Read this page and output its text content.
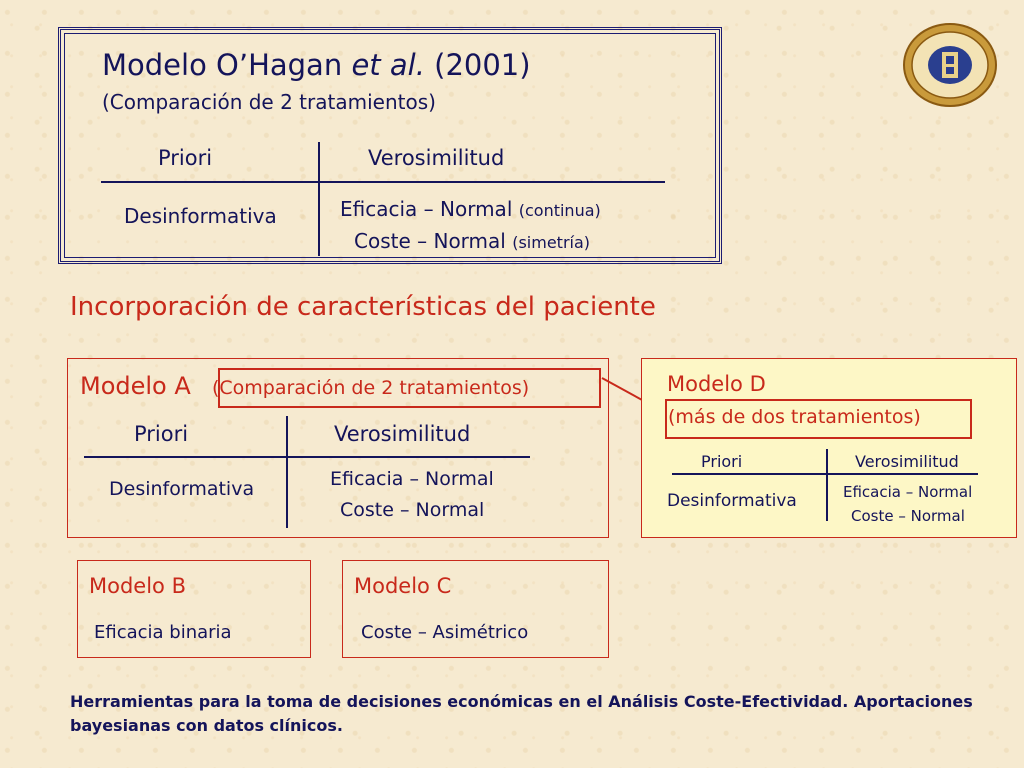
Modelo O’Hagan et al. (2001)
(Comparación de 2 tratamientos)
Priori	Verosimilitud
Desinformativa	Eficacia – Normal (continua)
Coste – Normal (simetría)
Incorporación de características del paciente
Modelo A (Comparación de 2 tratamientos)
Priori	Verosimilitud
Desinformativa	Eficacia – Normal
Coste – Normal
Modelo D
(más de dos tratamientos)
Priori	Verosimilitud
Desinformativa	Eficacia – Normal
Coste – Normal
Modelo B
Eficacia binaria
Modelo C
Coste – Asimétrico
Herramientas para la toma de decisiones económicas en el Análisis Coste-Efectividad. Aportaciones bayesianas con datos clínicos.
